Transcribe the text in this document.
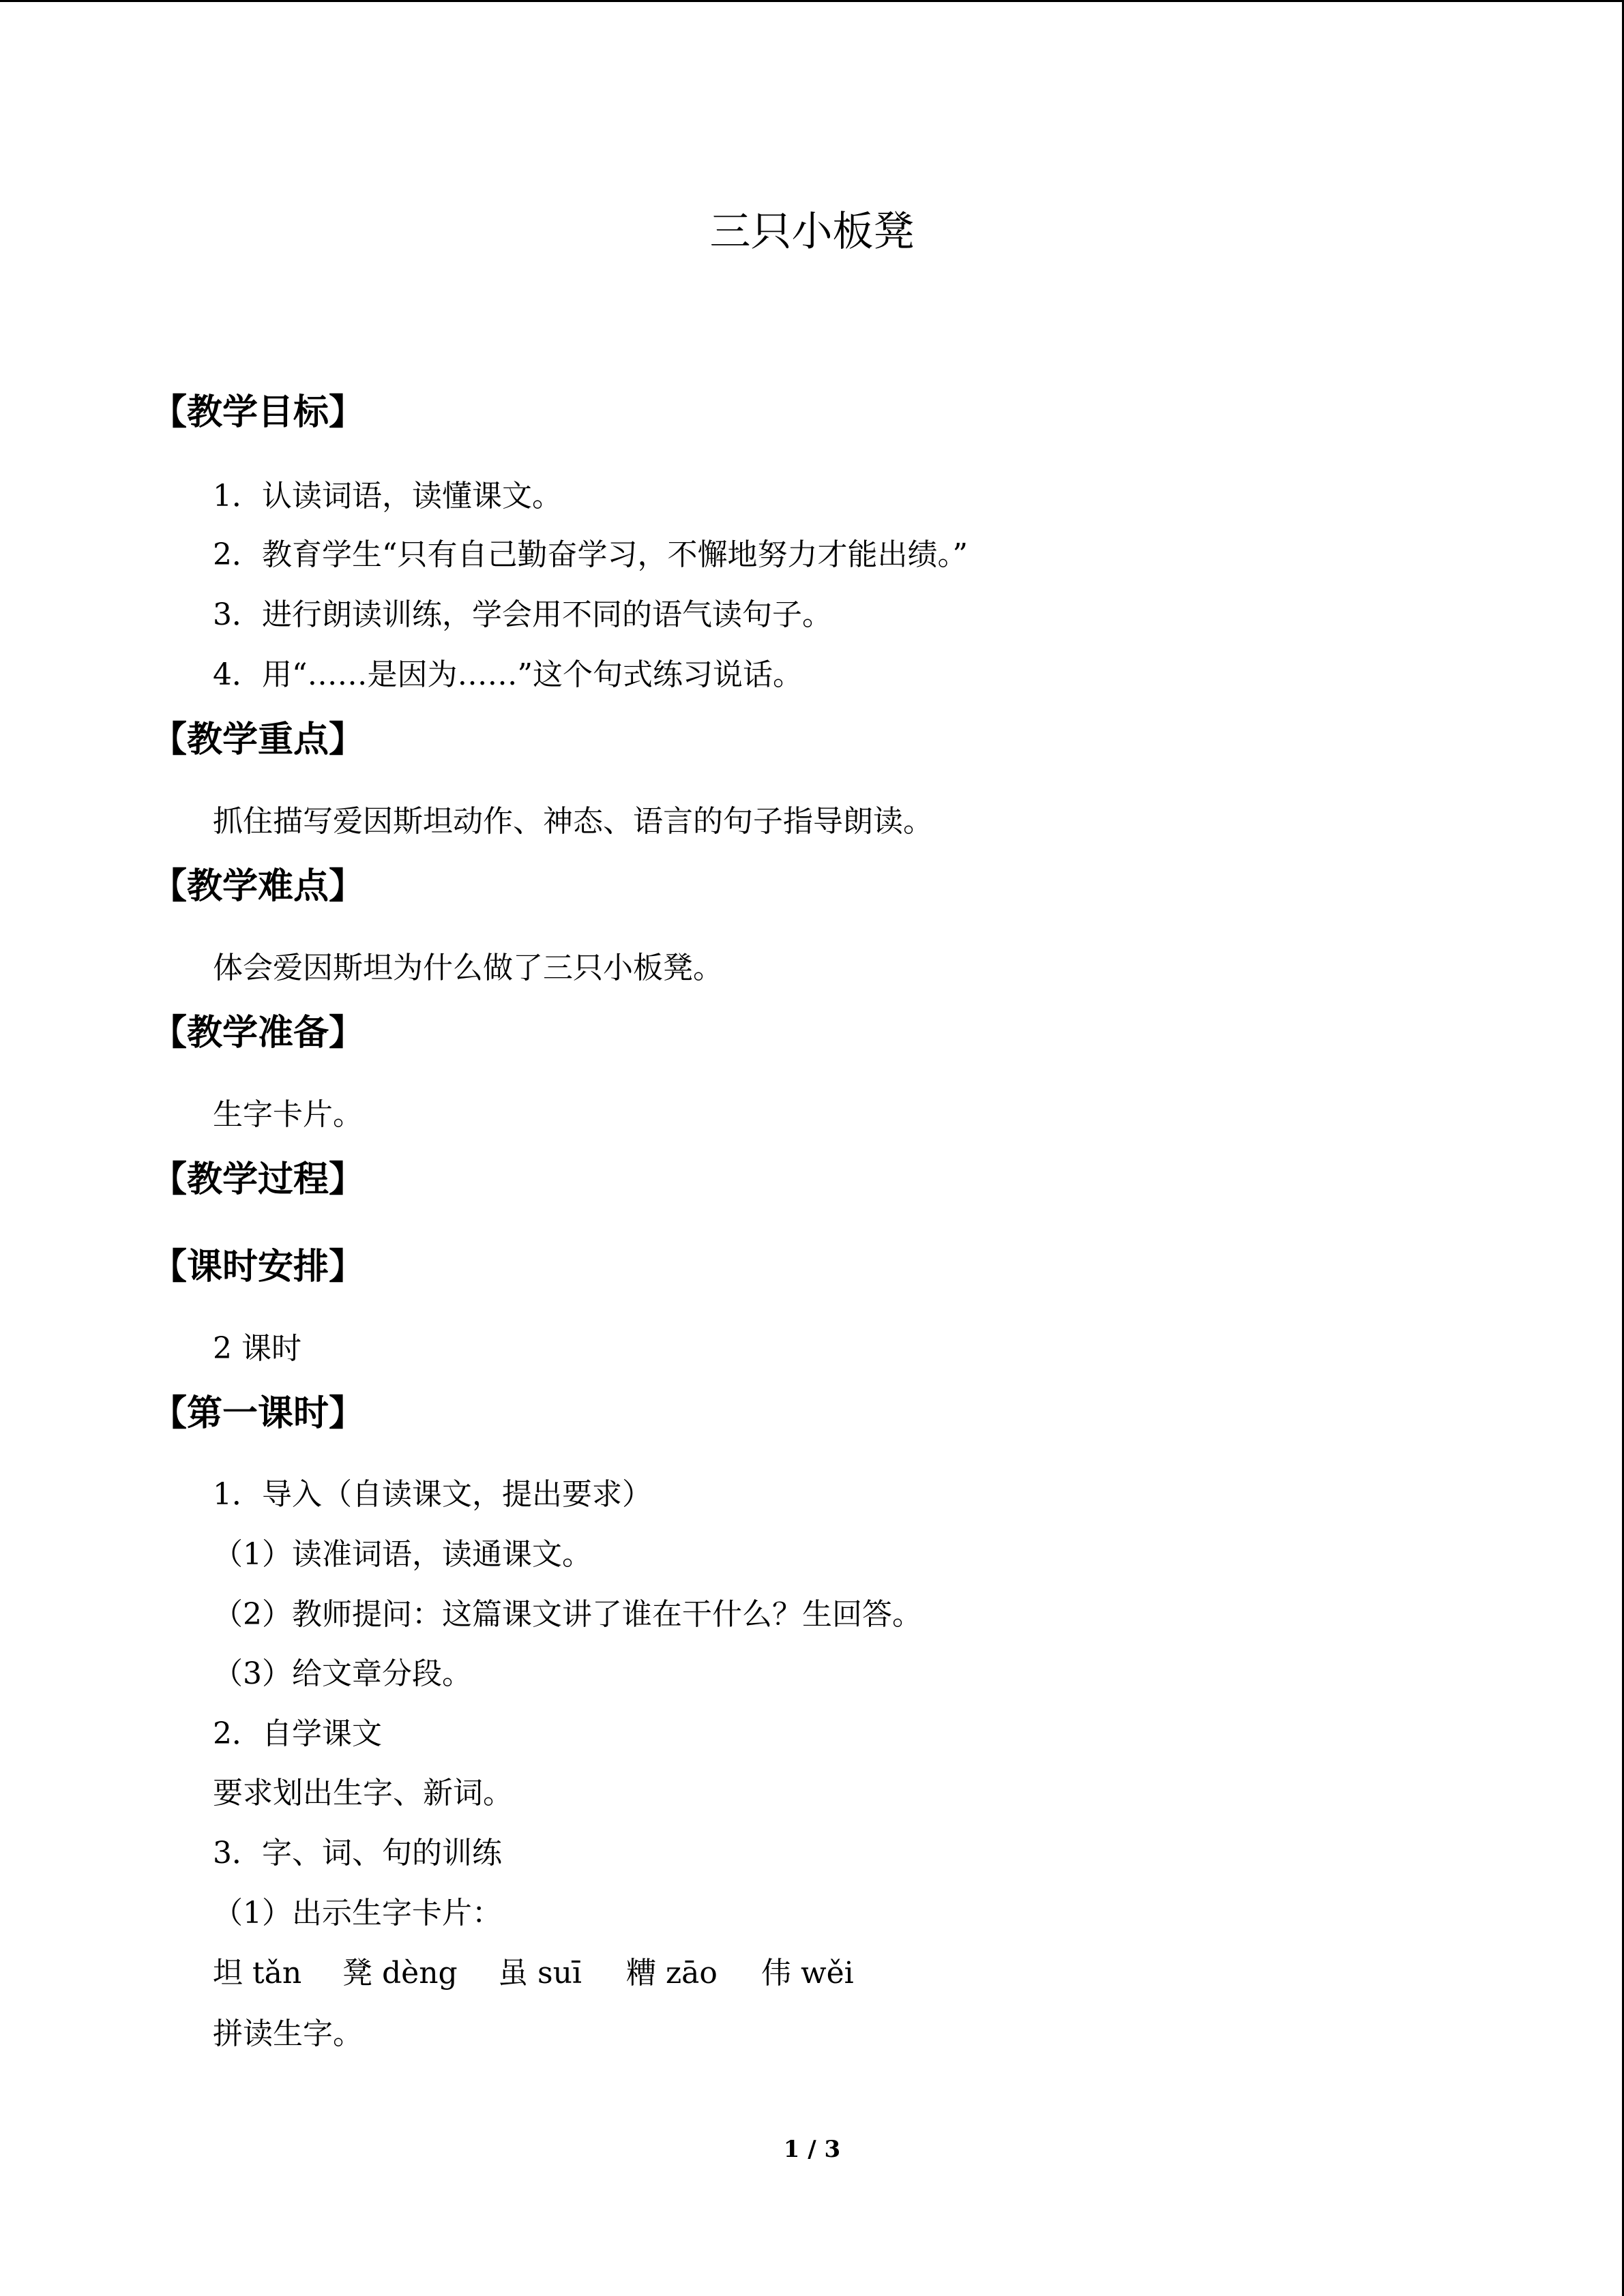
三只小板凳
【教学目标】
1．认读词语，读懂课文。
2．教育学生“只有自己勤奋学习，不懈地努力才能出绩。”
3．进行朗读训练，学会用不同的语气读句子。
4．用“……是因为……”这个句式练习说话。
【教学重点】
抓住描写爱因斯坦动作、神态、语言的句子指导朗读。
【教学难点】
体会爱因斯坦为什么做了三只小板凳。
【教学准备】
生字卡片。
【教学过程】
【课时安排】
2 课时
【第一课时】
1．导入（自读课文，提出要求）
（1）读准词语，读通课文。
（2）教师提问：这篇课文讲了谁在干什么？生回答。
（3）给文章分段。
2．自学课文
要求划出生字、新词。
3．字、词、句的训练
（1）出示生字卡片：
坦 tǎn 凳 dèng 虽 suī 糟 zāo 伟 wěi
拼读生字。
1 / 3
